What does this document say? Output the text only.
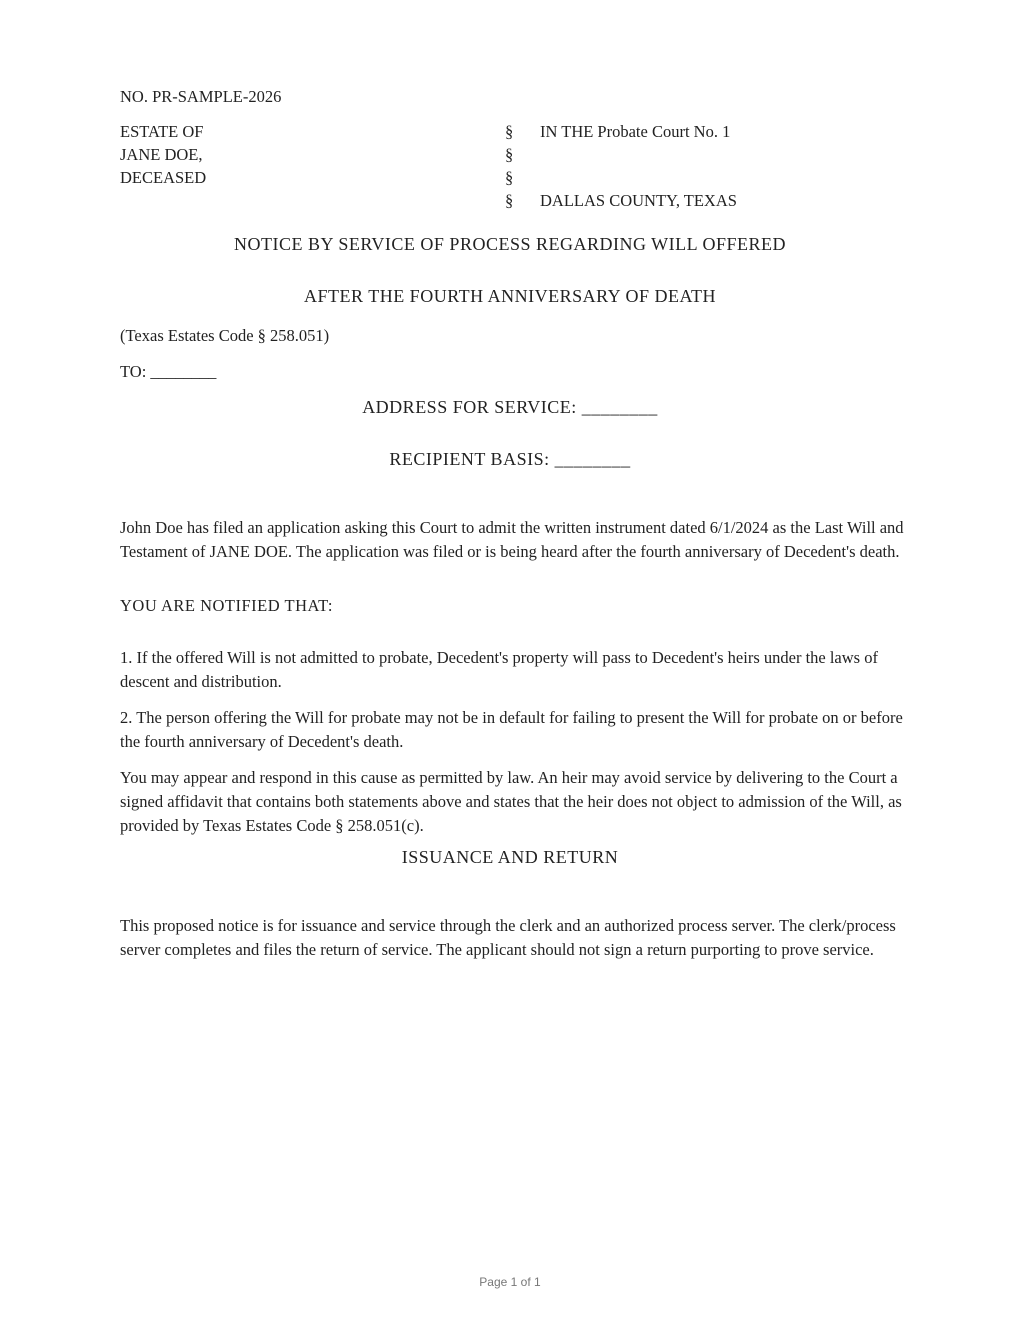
NO. PR-SAMPLE-2026
ESTATE OF
JANE DOE,
DECEASED
§
§
§
§
IN THE Probate Court No. 1
DALLAS COUNTY, TEXAS
NOTICE BY SERVICE OF PROCESS REGARDING WILL OFFERED
AFTER THE FOURTH ANNIVERSARY OF DEATH
(Texas Estates Code § 258.051)
TO: ________
ADDRESS FOR SERVICE: ________
RECIPIENT BASIS: ________

John Doe has filed an application asking this Court to admit the written instrument dated 6/1/2024 as the Last Will and Testament of JANE DOE. The application was filed or is being heard after the fourth anniversary of Decedent's death.

YOU ARE NOTIFIED THAT:

1. If the offered Will is not admitted to probate, Decedent's property will pass to Decedent's heirs under the laws of descent and distribution.

2. The person offering the Will for probate may not be in default for failing to present the Will for probate on or before the fourth anniversary of Decedent's death.

You may appear and respond in this cause as permitted by law. An heir may avoid service by delivering to the Court a signed affidavit that contains both statements above and states that the heir does not object to admission of the Will, as provided by Texas Estates Code § 258.051(c).

ISSUANCE AND RETURN

This proposed notice is for issuance and service through the clerk and an authorized process server. The clerk/process server completes and files the return of service. The applicant should not sign a return purporting to prove service.

Page 1 of 1
